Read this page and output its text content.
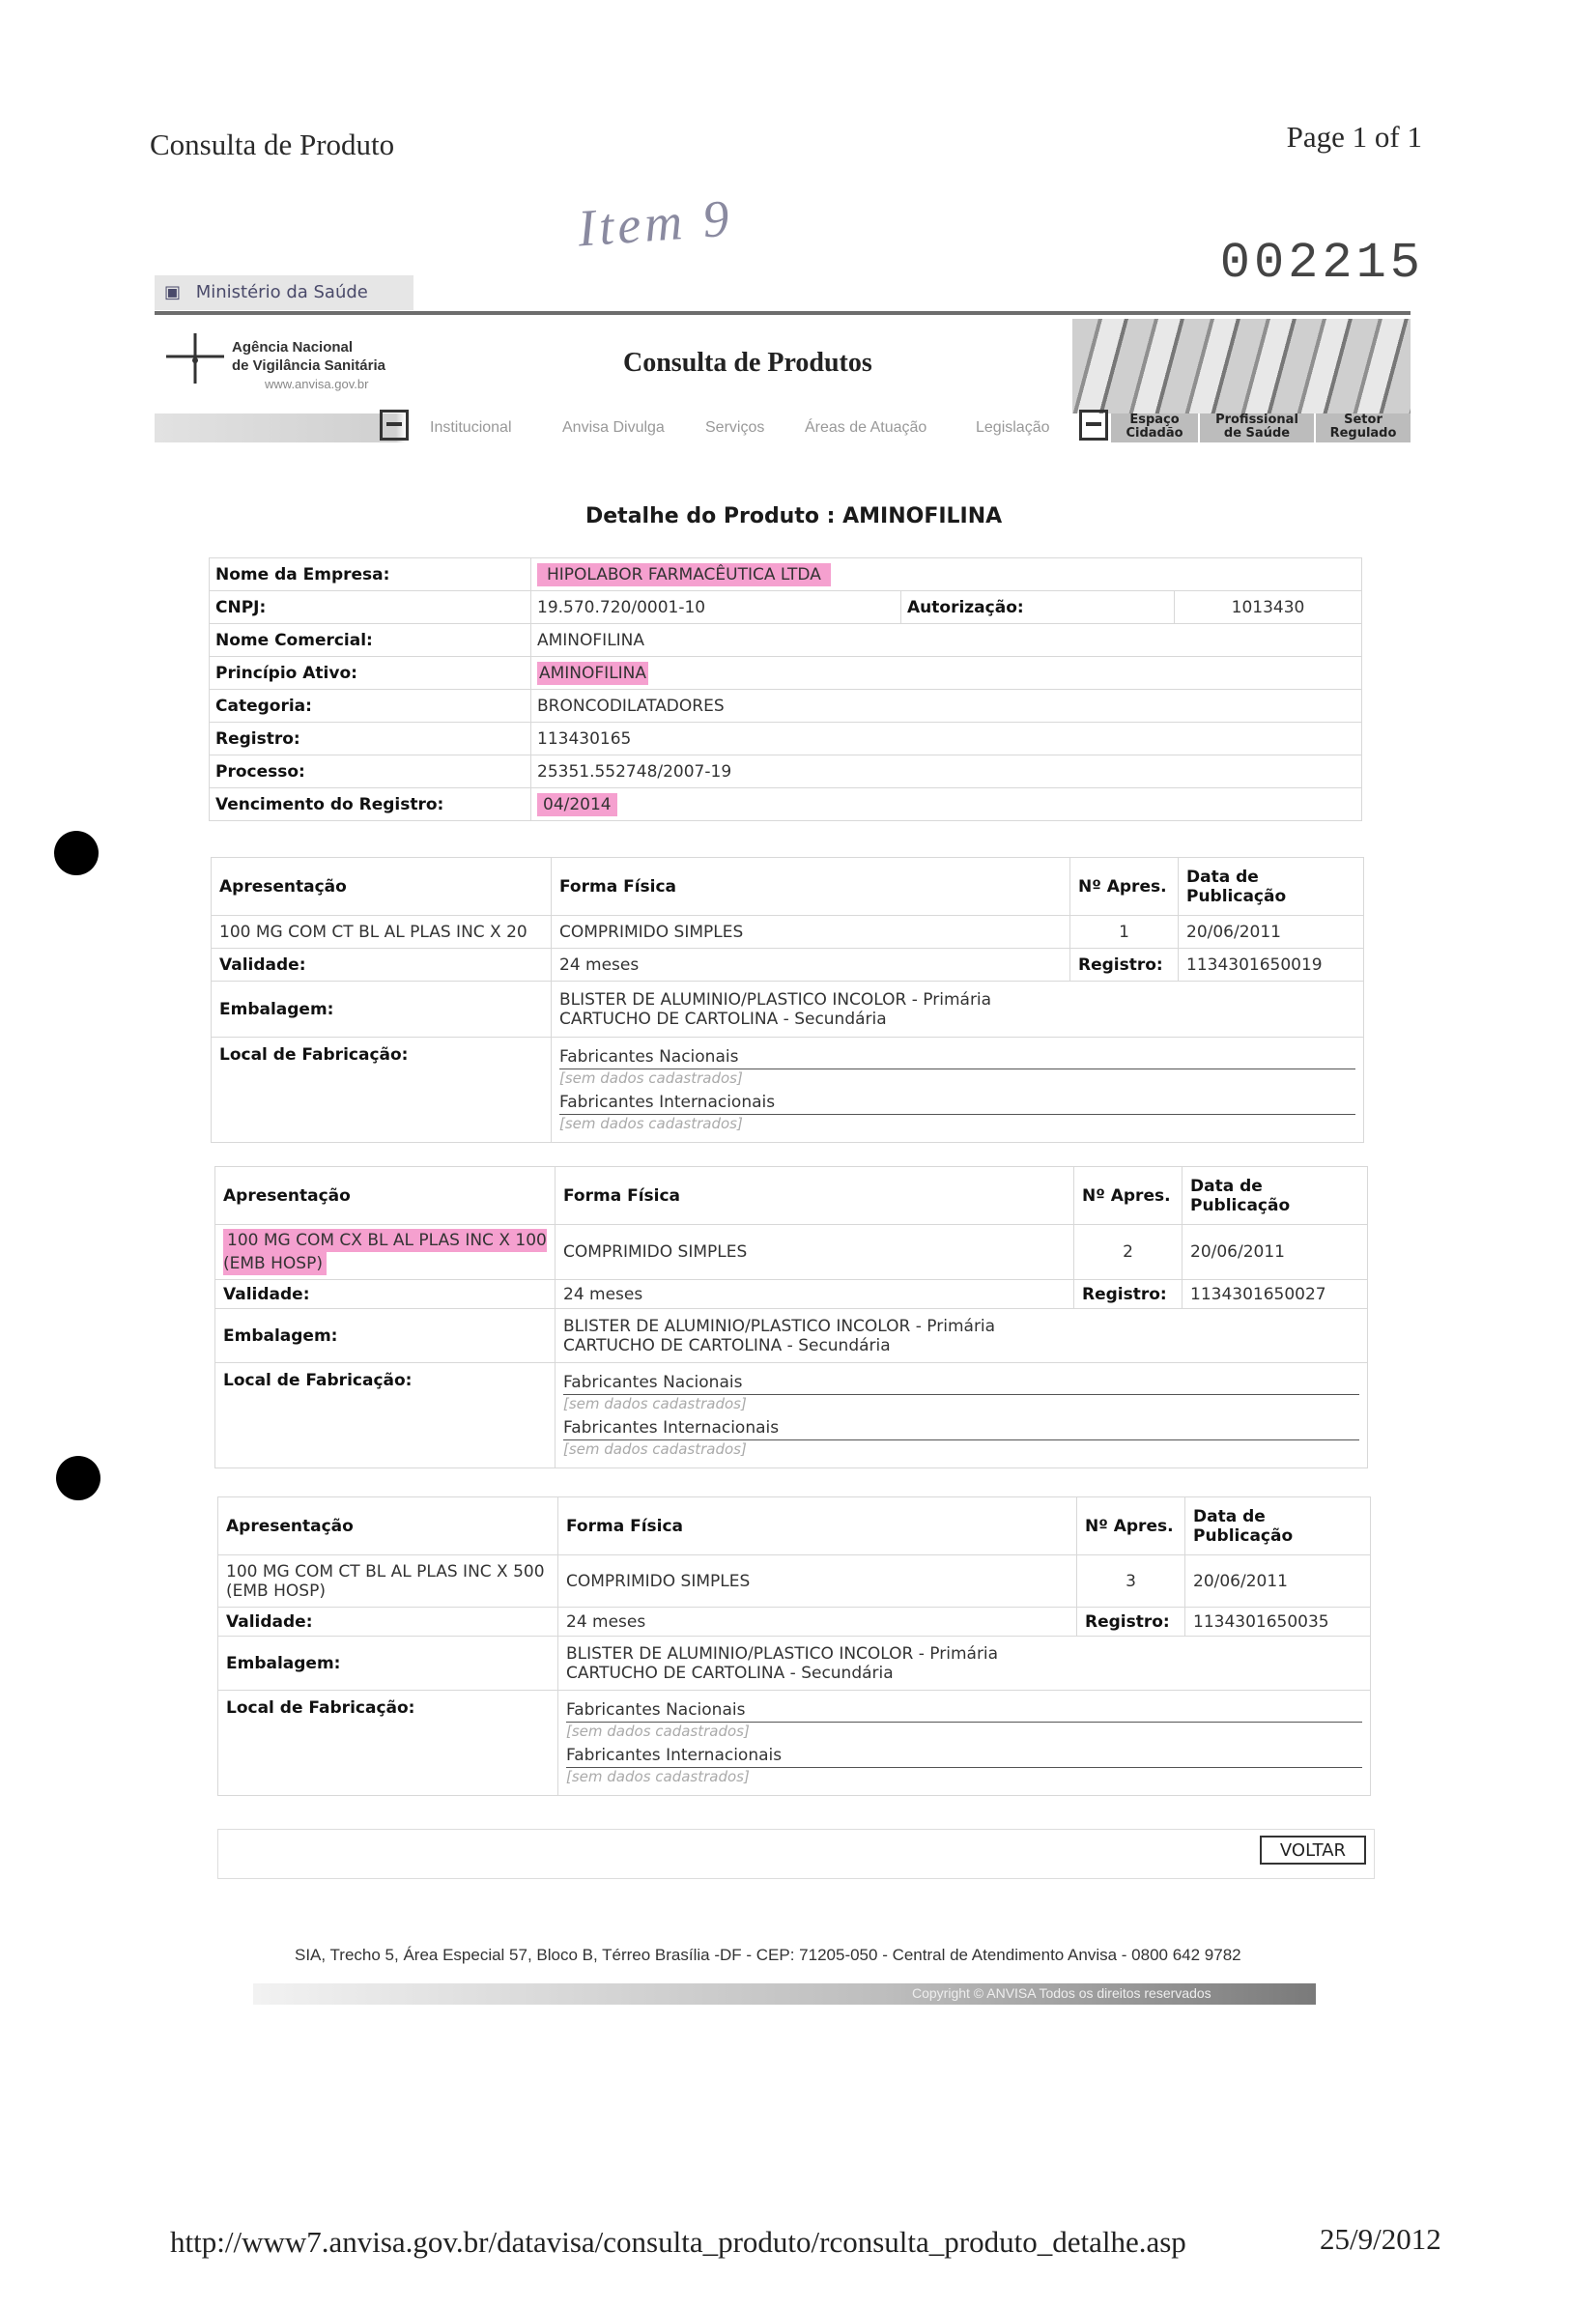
Consulta de Produto	Page 1 of 1
Item 9
002215
▣ Ministério da Saúde
Agência Nacional
de Vigilância Sanitária
www.anvisa.gov.br
Consulta de Produtos
Institucional	Anvisa Divulga	Serviços	Áreas de Atuação	Legislação	Espaço
Cidadão
Profissional
de Saúde
Setor
Regulado
Detalhe do Produto : AMINOFILINA
Nome da Empresa:	HIPOLABOR FARMACÊUTICA LTDA		
CNPJ:	19.570.720/0001-10	Autorização:	1013430
Nome Comercial:	AMINOFILINA		
Princípio Ativo:	AMINOFILINA		
Categoria:	BRONCODILATADORES		
Registro:	113430165		
Processo:	25351.552748/2007-19		
Vencimento do Registro:	04/2014		
Apresentação	Forma Física	Nº Apres.	Data de Publicação
100 MG COM CT BL AL PLAS INC X 20	COMPRIMIDO SIMPLES	1	20/06/2011
Validade:	24 meses	Registro:	1134301650019
Embalagem:	BLISTER DE ALUMINIO/PLASTICO INCOLOR - Primária
CARTUCHO DE CARTOLINA - Secundária		

Local de Fabricação:	Fabricantes Nacionais
[sem dados cadastrados]
Fabricantes Internacionais
[sem dados cadastrados]		
Apresentação	Forma Física	Nº Apres.	Data de Publicação
100 MG COM CX BL AL PLAS INC X 100 (EMB HOSP)	COMPRIMIDO SIMPLES	2	20/06/2011
Validade:	24 meses	Registro:	1134301650027
Embalagem:	BLISTER DE ALUMINIO/PLASTICO INCOLOR - Primária
CARTUCHO DE CARTOLINA - Secundária		

Local de Fabricação:	Fabricantes Nacionais
[sem dados cadastrados]
Fabricantes Internacionais
[sem dados cadastrados]		
Apresentação	Forma Física	Nº Apres.	Data de Publicação
100 MG COM CT BL AL PLAS INC X 500 (EMB HOSP)	COMPRIMIDO SIMPLES	3	20/06/2011
Validade:	24 meses	Registro:	1134301650035
Embalagem:	BLISTER DE ALUMINIO/PLASTICO INCOLOR - Primária
CARTUCHO DE CARTOLINA - Secundária		

Local de Fabricação:	Fabricantes Nacionais
[sem dados cadastrados]
Fabricantes Internacionais
[sem dados cadastrados]		
VOLTAR
SIA, Trecho 5, Área Especial 57, Bloco B, Térreo Brasília -DF - CEP: 71205-050 - Central de Atendimento Anvisa - 0800 642 9782
Copyright © ANVISA Todos os direitos reservados
http://www7.anvisa.gov.br/datavisa/consulta_produto/rconsulta_produto_detalhe.asp	25/9/2012
